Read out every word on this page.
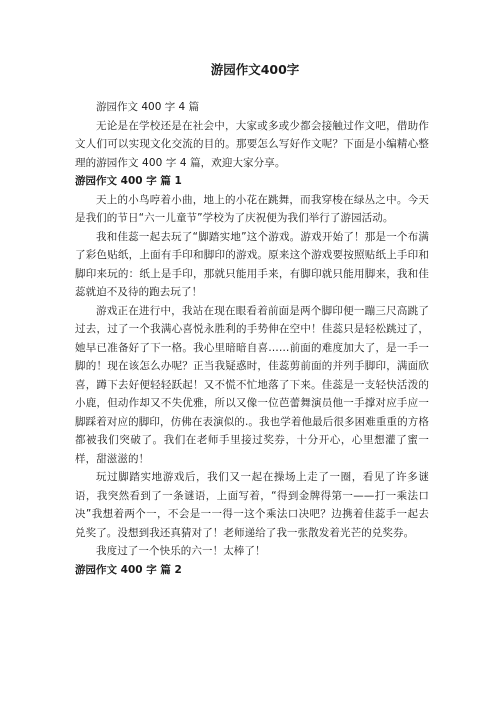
游园作文400字

游园作文 400 字 4 篇

无论是在学校还是在社会中，大家或多或少都会接触过作文吧，借助作文人们可以实现文化交流的目的。那要怎么写好作文呢？下面是小编精心整理的游园作文 400 字 4 篇，欢迎大家分享。

游园作文 400 字 篇 1

天上的小鸟哼着小曲，地上的小花在跳舞，而我穿梭在绿丛之中。今天是我们的节日“六一儿童节”学校为了庆祝便为我们举行了游园活动。

我和佳蕊一起去玩了“脚踏实地”这个游戏。游戏开始了！那是一个布满了彩色贴纸，上面有手印和脚印的游戏。原来这个游戏要按照贴纸上手印和脚印来玩的：纸上是手印，那就只能用手来，有脚印就只能用脚来，我和佳蕊就迫不及待的跑去玩了！

游戏正在进行中，我站在现在眼看着前面是两个脚印便一蹦三尺高跳了过去，过了一个我满心喜悦永胜利的手势伸在空中！佳蕊只是轻松跳过了，她早已准备好了下一格。我心里暗暗自喜……前面的难度加大了，是一手一脚的！现在该怎么办呢？正当我疑惑时，佳蕊剪前面的并列手脚印，满面欣喜，蹲下去好便轻轻跃起！又不慌不忙地落了下来。佳蕊是一支轻快活泼的小鹿，但动作却又不失优雅，所以又像一位芭蕾舞演员他一手撑对应手应一脚踩着对应的脚印，仿佛在表演似的.。我也学着他最后很多困难重重的方格都被我们突破了。我们在老师手里接过奖券，十分开心，心里想灌了蜜一样，甜滋滋的！

玩过脚踏实地游戏后，我们又一起在操场上走了一圈，看见了许多谜语，我突然看到了一条谜语，上面写着，“得到金牌得第一——打一乘法口决”我想着两个一，不会是一一得一这个乘法口决吧？边携着佳蕊手一起去兑奖了。没想到我还真猜对了！老师递给了我一张散发着光芒的兑奖券。

我度过了一个快乐的六一！太棒了！

游园作文 400 字 篇 2
